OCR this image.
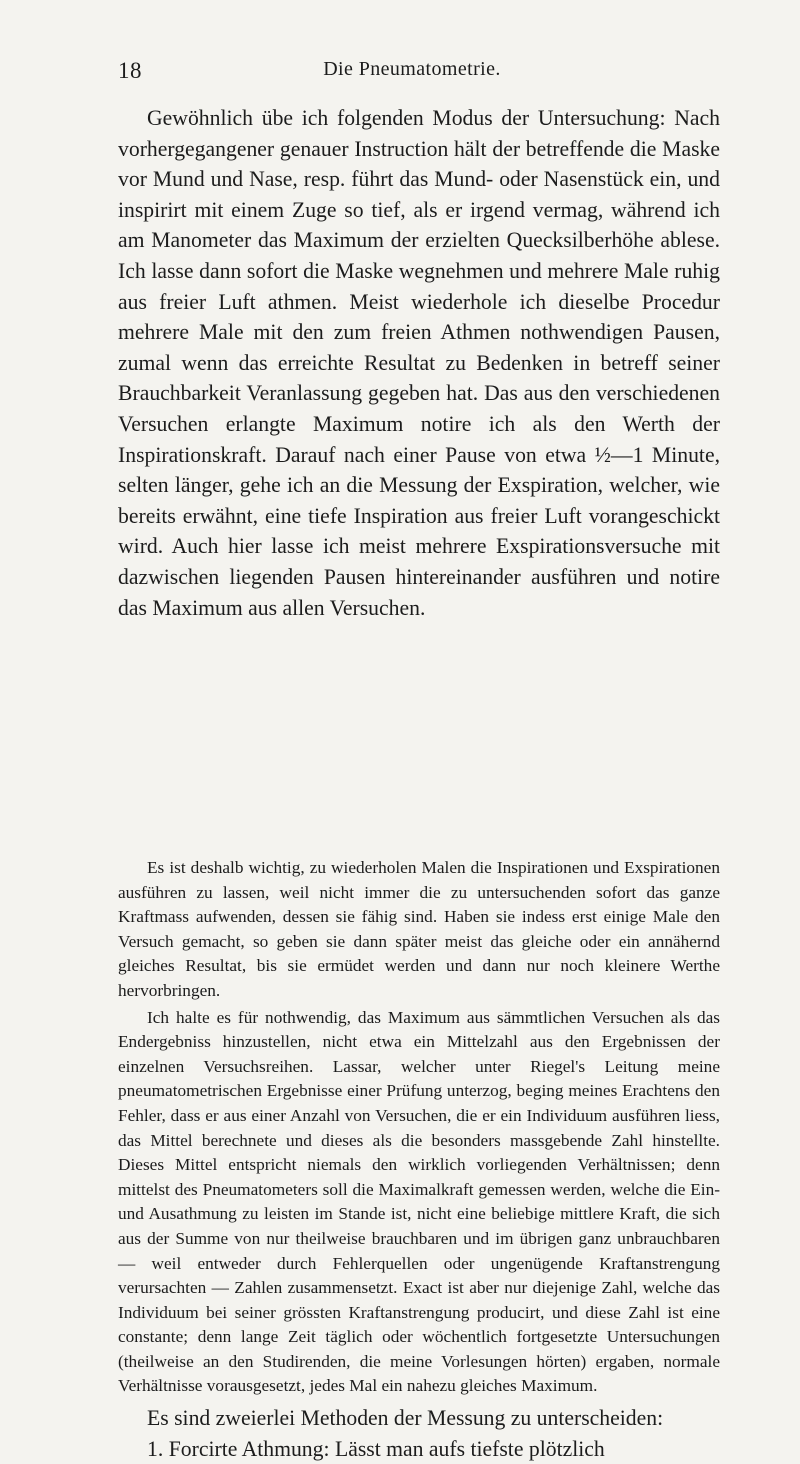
18	Die Pneumatometrie.

Gewöhnlich übe ich folgenden Modus der Untersuchung: Nach vorhergegangener genauer Instruction hält der betreffende die Maske vor Mund und Nase, resp. führt das Mund- oder Nasenstück ein, und inspirirt mit einem Zuge so tief, als er irgend vermag, während ich am Manometer das Maximum der erzielten Quecksilberhöhe ablese. Ich lasse dann sofort die Maske wegnehmen und mehrere Male ruhig aus freier Luft athmen. Meist wiederhole ich dieselbe Procedur mehrere Male mit den zum freien Athmen nothwendigen Pausen, zumal wenn das erreichte Resultat zu Bedenken in betreff seiner Brauchbarkeit Veranlassung gegeben hat. Das aus den verschiedenen Versuchen erlangte Maximum notire ich als den Werth der Inspirationskraft. Darauf nach einer Pause von etwa ½—1 Minute, selten länger, gehe ich an die Messung der Exspiration, welcher, wie bereits erwähnt, eine tiefe Inspiration aus freier Luft vorangeschickt wird. Auch hier lasse ich meist mehrere Exspirationsversuche mit dazwischen liegenden Pausen hintereinander ausführen und notire das Maximum aus allen Versuchen.

Es ist deshalb wichtig, zu wiederholen Malen die Inspirationen und Exspirationen ausführen zu lassen, weil nicht immer die zu untersuchenden sofort das ganze Kraftmass aufwenden, dessen sie fähig sind. Haben sie indess erst einige Male den Versuch gemacht, so geben sie dann später meist das gleiche oder ein annähernd gleiches Resultat, bis sie ermüdet werden und dann nur noch kleinere Werthe hervorbringen.

Ich halte es für nothwendig, das Maximum aus sämmtlichen Versuchen als das Endergebniss hinzustellen, nicht etwa ein Mittelzahl aus den Ergebnissen der einzelnen Versuchsreihen. Lassar, welcher unter Riegel's Leitung meine pneumatometrischen Ergebnisse einer Prüfung unterzog, beging meines Erachtens den Fehler, dass er aus einer Anzahl von Versuchen, die er ein Individuum ausführen liess, das Mittel berechnete und dieses als die besonders massgebende Zahl hinstellte. Dieses Mittel entspricht niemals den wirklich vorliegenden Verhältnissen; denn mittelst des Pneumatometers soll die Maximalkraft gemessen werden, welche die Ein- und Ausathmung zu leisten im Stande ist, nicht eine beliebige mittlere Kraft, die sich aus der Summe von nur theilweise brauchbaren und im übrigen ganz unbrauchbaren — weil entweder durch Fehlerquellen oder ungenügende Kraftanstrengung verursachten — Zahlen zusammensetzt. Exact ist aber nur diejenige Zahl, welche das Individuum bei seiner grössten Kraftanstrengung producirt, und diese Zahl ist eine constante; denn lange Zeit täglich oder wöchentlich fortgesetzte Untersuchungen (theilweise an den Studirenden, die meine Vorlesungen hörten) ergaben, normale Verhältnisse vorausgesetzt, jedes Mal ein nahezu gleiches Maximum.

Es sind zweierlei Methoden der Messung zu unterscheiden:

1. Forcirte Athmung: Lässt man aufs tiefste plötzlich
